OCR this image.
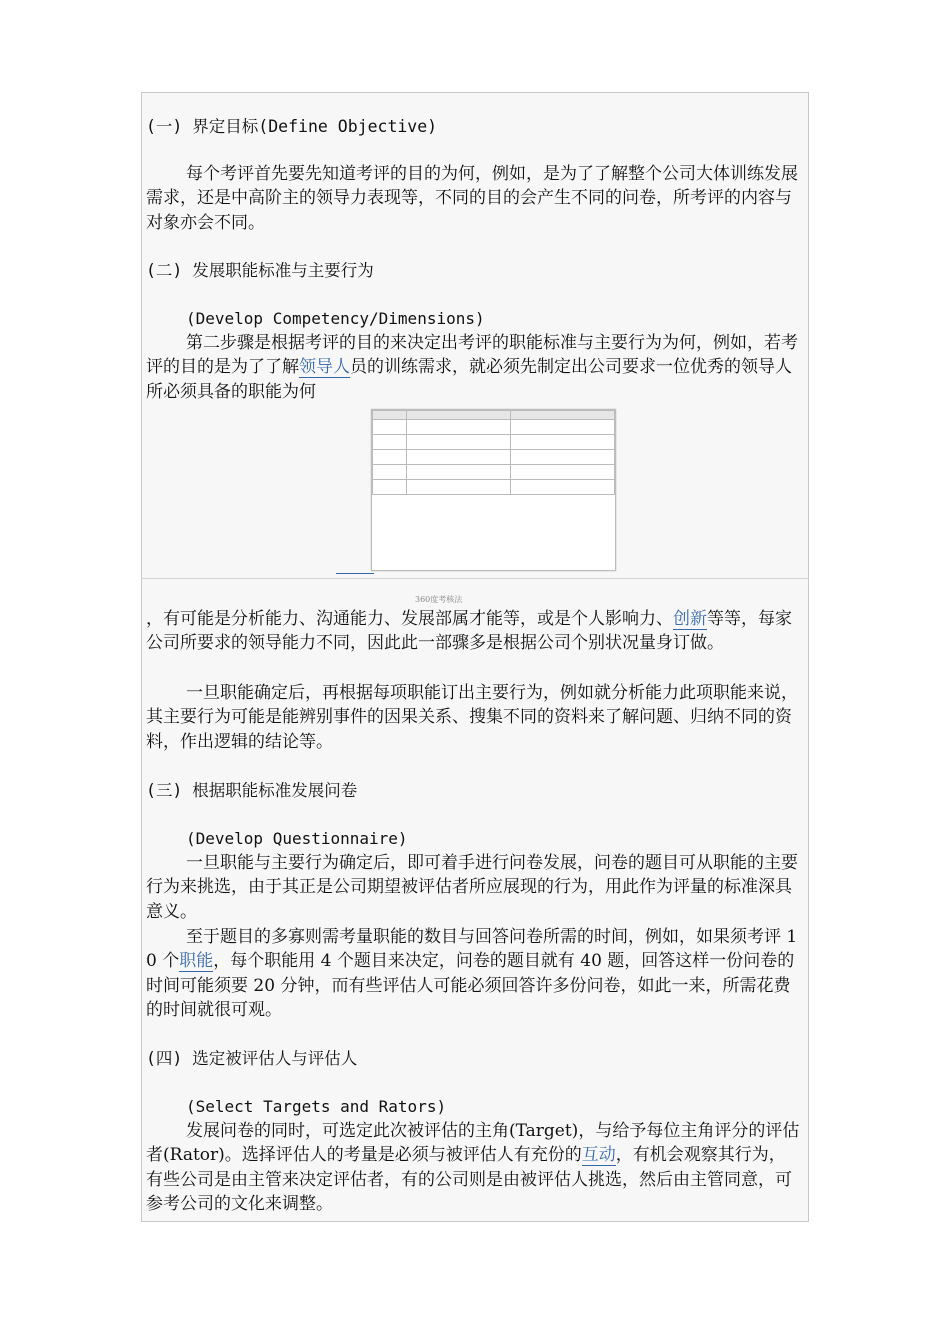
(一) 界定目标(Define Objective)
每个考评首先要先知道考评的目的为何，例如，是为了了解整个公司大体训练发展需求，还是中高阶主的领导力表现等，不同的目的会产生不同的问卷，所考评的内容与对象亦会不同。
(二) 发展职能标准与主要行为
(Develop Competency/Dimensions)
第二步骤是根据考评的目的来决定出考评的职能标准与主要行为为何，例如，若考评的目的是为了了解领导人员的训练需求，就必须先制定出公司要求一位优秀的领导人所必须具备的职能为何

360度考核法
，有可能是分析能力、沟通能力、发展部属才能等，或是个人影响力、创新等等，每家公司所要求的领导能力不同，因此此一部骤多是根据公司个别状况量身订做。
一旦职能确定后，再根据每项职能订出主要行为，例如就分析能力此项职能来说，其主要行为可能是能辨别事件的因果关系、搜集不同的资料来了解问题、归纳不同的资料，作出逻辑的结论等。
(三) 根据职能标准发展问卷
(Develop Questionnaire)
一旦职能与主要行为确定后，即可着手进行问卷发展，问卷的题目可从职能的主要行为来挑选，由于其正是公司期望被评估者所应展现的行为，用此作为评量的标准深具意义。
至于题目的多寡则需考量职能的数目与回答问卷所需的时间，例如，如果须考评 10 个职能，每个职能用 4 个题目来决定，问卷的题目就有 40 题，回答这样一份问卷的时间可能须要 20 分钟，而有些评估人可能必须回答许多份问卷，如此一来，所需花费的时间就很可观。
(四) 选定被评估人与评估人
(Select Targets and Rators)
发展问卷的同时，可选定此次被评估的主角(Target)，与给予每位主角评分的评估者(Rator)。选择评估人的考量是必须与被评估人有充份的互动，有机会观察其行为，有些公司是由主管来决定评估者，有的公司则是由被评估人挑选，然后由主管同意，可参考公司的文化来调整。
